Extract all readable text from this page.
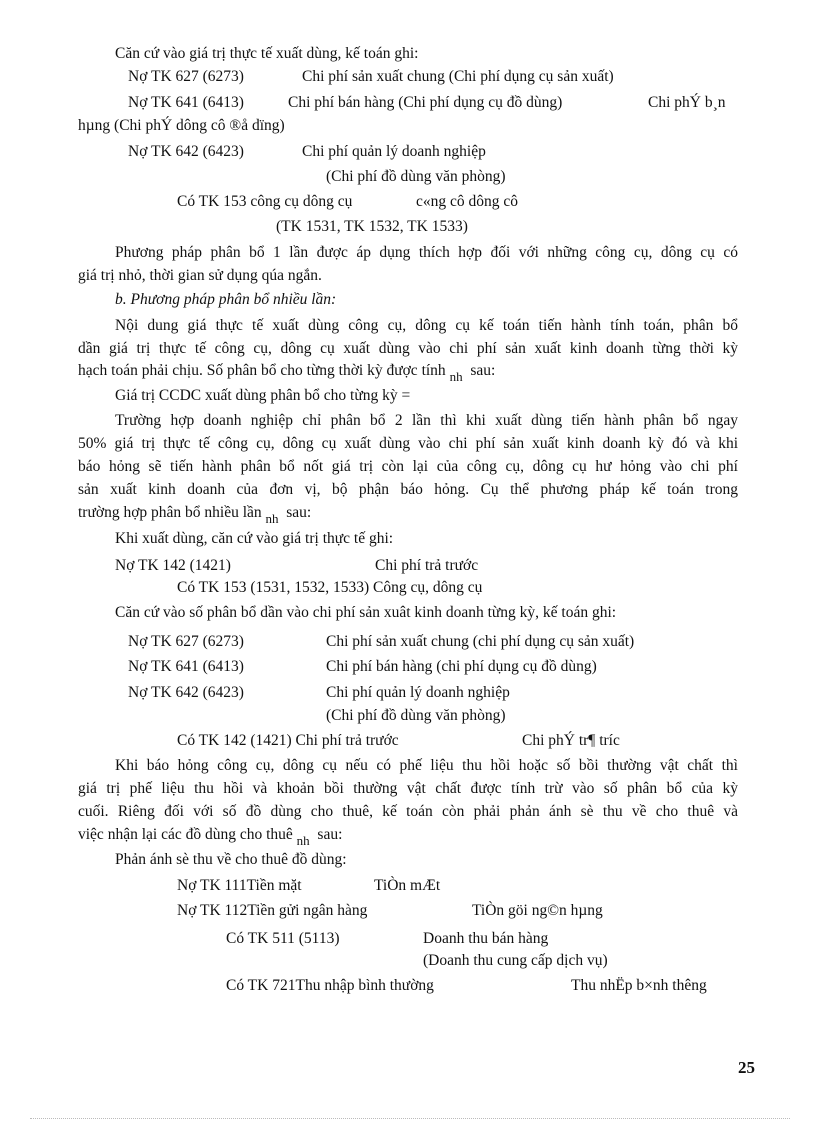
Căn cứ vào giá trị thực tế xuất dùng, kế toán ghi:
Nợ TK 627 (6273)	Chi phí sản xuất chung (Chi phí dụng cụ sản xuất)
Nợ TK 641 (6413)	Chi phí bán hàng (Chi phí dụng cụ đồ dùng)	Chi phÝ b¸n
hµng (Chi phÝ dông cô ®å dïng)
Nợ TK 642 (6423)	Chi phí quản lý doanh nghiệp
(Chi phí đồ dùng văn phòng)
Có TK 153 công cụ dông cụ	c«ng cô dông cô
(TK 1531, TK 1532, TK 1533)
Phương pháp phân bổ 1 lần được áp dụng thích hợp đối với những công cụ, dông cụ có
giá trị nhỏ, thời gian sử dụng qúa ngắn.
b. Phương pháp phân bổ nhiều lần:
Nội dung giá thực tế xuất dùng công cụ, dông cụ kế toán tiến hành tính toán, phân bổ
dần giá trị thực tế công cụ, dông cụ xuất dùng vào chi phí sản xuất kinh doanh từng thời kỳ
hạch toán phải chịu. Số phân bổ cho từng thời kỳ được tính $_{nh}$ sau:
Giá trị CCDC xuất dùng phân bổ cho từng kỳ =
Trường hợp doanh nghiệp chỉ phân bổ 2 lần thì khi xuất dùng tiến hành phân bổ ngay
50% giá trị thực tế công cụ, dông cụ xuất dùng vào chi phí sản xuất kinh doanh kỳ đó và khi
báo hỏng sẽ tiến hành phân bổ nốt giá trị còn lại của công cụ, dông cụ hư hỏng vào chi phí
sản xuất kinh doanh của đơn vị, bộ phận báo hỏng. Cụ thể phương pháp kế toán trong
trường hợp phân bổ nhiều lần $_{nh}$ sau:
Khi xuất dùng, căn cứ vào giá trị thực tế ghi:
Nợ TK 142 (1421)	Chi phí trả trước
Có TK 153 (1531, 1532, 1533) Công cụ, dông cụ
Căn cứ vào số phân bổ dần vào chi phí sản xuât kinh doanh từng kỳ, kế toán ghi:
Nợ TK 627 (6273)	Chi phí sản xuất chung (chi phí dụng cụ sản xuất)
Nợ TK 641 (6413)	Chi phí bán hàng (chi phí dụng cụ đồ dùng)
Nợ TK 642 (6423)	Chi phí quản lý doanh nghiệp
(Chi phí đồ dùng văn phòng)
Có TK 142 (1421) Chi phí trả trước	Chi phÝ tr¶ tríc
Khi báo hỏng công cụ, dông cụ nếu có phế liệu thu hồi hoặc số bồi thường vật chất thì
giá trị phế liệu thu hồi và khoản bồi thường vật chất được tính trừ vào số phân bổ của kỳ
cuối. Riêng đối với số đồ dùng cho thuê, kế toán còn phải phản ánh sè thu về cho thuê và
việc nhận lại các đồ dùng cho thuê $_{nh}$ sau:
Phản ánh sè thu về cho thuê đồ dùng:
Nợ TK 111Tiền mặt	TiÒn mÆt
Nợ TK 112Tiền gửi ngân hàng	TiÒn göi ng©n hµng
Có TK 511 (5113)	Doanh thu bán hàng
(Doanh thu cung cấp dịch vụ)
Có TK 721Thu nhập bình thường	Thu nhËp b×nh thêng
25
